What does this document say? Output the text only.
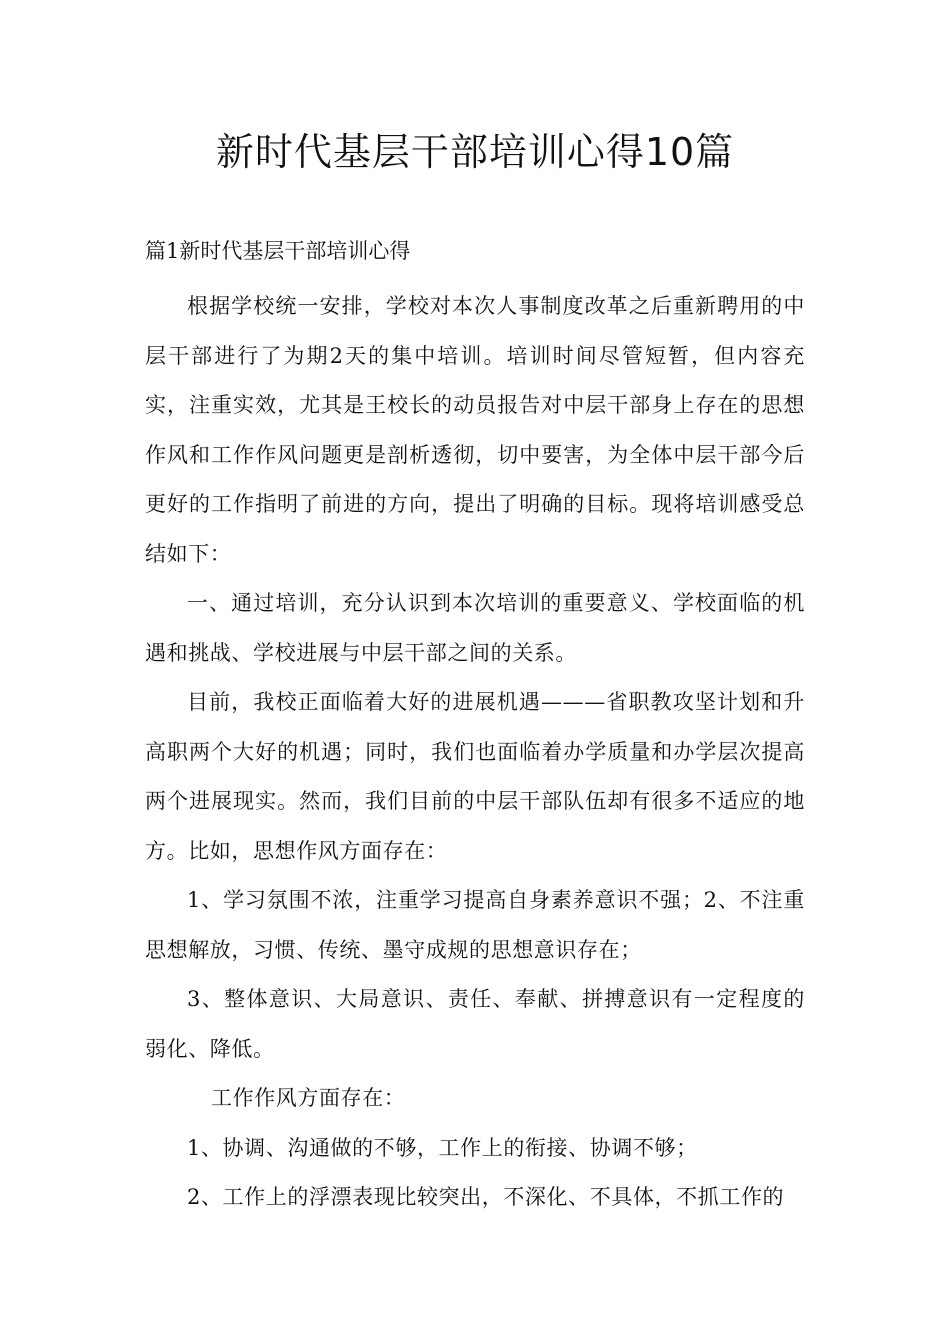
新时代基层干部培训心得10篇

篇1新时代基层干部培训心得

根据学校统一安排，学校对本次人事制度改革之后重新聘用的中层干部进行了为期2天的集中培训。培训时间尽管短暂，但内容充实，注重实效，尤其是王校长的动员报告对中层干部身上存在的思想作风和工作作风问题更是剖析透彻，切中要害，为全体中层干部今后更好的工作指明了前进的方向，提出了明确的目标。现将培训感受总结如下：

一、通过培训，充分认识到本次培训的重要意义、学校面临的机遇和挑战、学校进展与中层干部之间的关系。

目前，我校正面临着大好的进展机遇———省职教攻坚计划和升高职两个大好的机遇；同时，我们也面临着办学质量和办学层次提高两个进展现实。然而，我们目前的中层干部队伍却有很多不适应的地方。比如，思想作风方面存在：

1、学习氛围不浓，注重学习提高自身素养意识不强；2、不注重思想解放，习惯、传统、墨守成规的思想意识存在；

3、整体意识、大局意识、责任、奉献、拼搏意识有一定程度的弱化、降低。

工作作风方面存在：

1、协调、沟通做的不够，工作上的衔接、协调不够；

2、工作上的浮漂表现比较突出，不深化、不具体，不抓工作的
